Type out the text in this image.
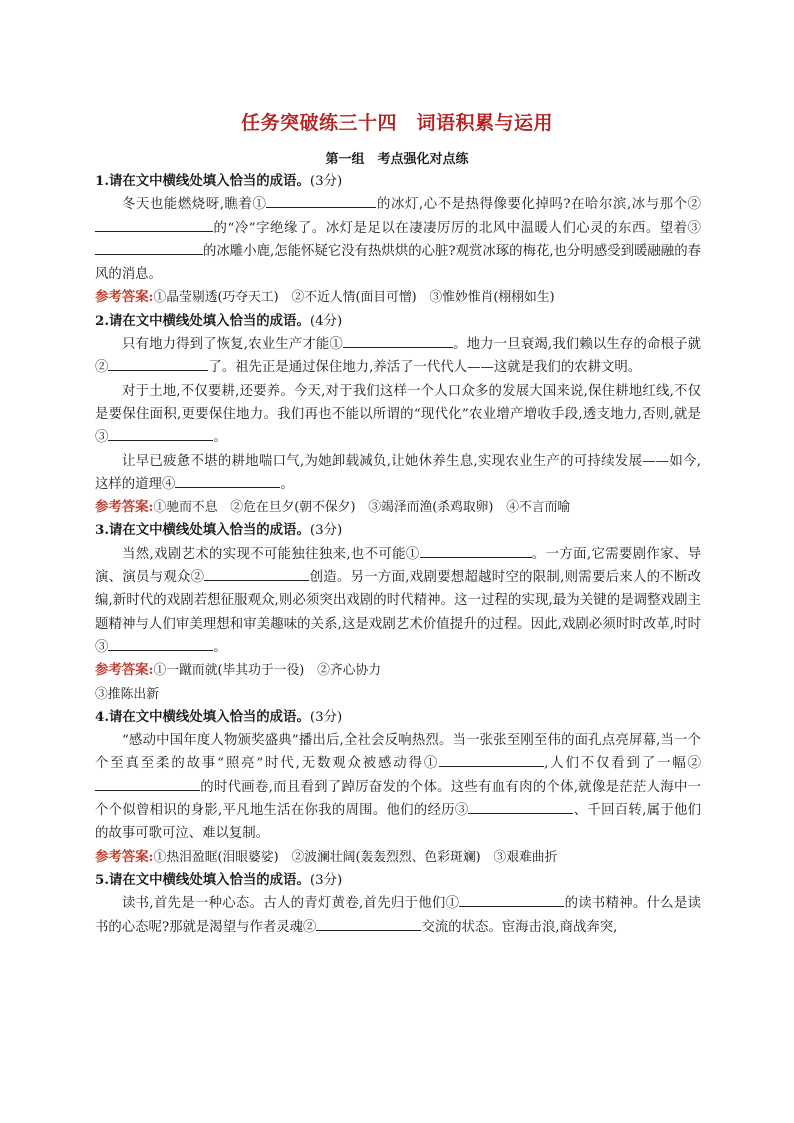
任务突破练三十四　词语积累与运用
第一组　考点强化对点练

1.请在文中横线处填入恰当的成语。(3分)

冬天也能燃烧呀,瞧着①	的冰灯,心不是热得像要化掉吗?在哈尔滨,冰与那个②的“冷”字绝缘了。冰灯是足以在凄凄厉厉的北风中温暖人们心灵的东西。望着③的冰雕小鹿,怎能怀疑它没有热烘烘的心脏?观赏冰琢的梅花,也分明感受到暖融融的春风的消息。

参考答案:①晶莹剔透(巧夺天工)　②不近人情(面目可憎)　③惟妙惟肖(栩栩如生)

2.请在文中横线处填入恰当的成语。(4分)

只有地力得到了恢复,农业生产才能①	。地力一旦衰竭,我们赖以生存的命根子就②	了。祖先正是通过保住地力,养活了一代代人——这就是我们的农耕文明。

对于土地,不仅要耕,还要养。今天,对于我们这样一个人口众多的发展大国来说,保住耕地红线,不仅是要保住面积,更要保住地力。我们再也不能以所谓的“现代化”农业增产增收手段,透支地力,否则,就是③	。

让早已疲惫不堪的耕地喘口气,为她卸载减负,让她休养生息,实现农业生产的可持续发展——如今,这样的道理④	。

参考答案:①驰而不息　②危在旦夕(朝不保夕)　③竭泽而渔(杀鸡取卵)　④不言而喻

3.请在文中横线处填入恰当的成语。(3分)

当然,戏剧艺术的实现不可能独往独来,也不可能①	。一方面,它需要剧作家、导演、演员与观众②	创造。另一方面,戏剧要想超越时空的限制,则需要后来人的不断改编,新时代的戏剧若想征服观众,则必须突出戏剧的时代精神。这一过程的实现,最为关键的是调整戏剧主题精神与人们审美理想和审美趣味的关系,这是戏剧艺术价值提升的过程。因此,戏剧必须时时改革,时时③	。

参考答案:①一蹴而就(毕其功于一役)　②齐心协力

③推陈出新

4.请在文中横线处填入恰当的成语。(3分)

“感动中国年度人物颁奖盛典”播出后,全社会反响热烈。当一张张至刚至伟的面孔点亮屏幕,当一个个至真至柔的故事“照亮”时代,无数观众被感动得①	,人们不仅看到了一幅②的时代画卷,而且看到了踔厉奋发的个体。这些有血有肉的个体,就像是茫茫人海中一个个似曾相识的身影,平凡地生活在你我的周围。他们的经历③	、千回百转,属于他们的故事可歌可泣、难以复制。

参考答案:①热泪盈眶(泪眼婆娑)　②波澜壮阔(轰轰烈烈、色彩斑斓)　③艰难曲折

5.请在文中横线处填入恰当的成语。(3分)

读书,首先是一种心态。古人的青灯黄卷,首先归于他们①	的读书精神。什么是读书的心态呢?那就是渴望与作者灵魂②	交流的状态。宦海击浪,商战奔突,
